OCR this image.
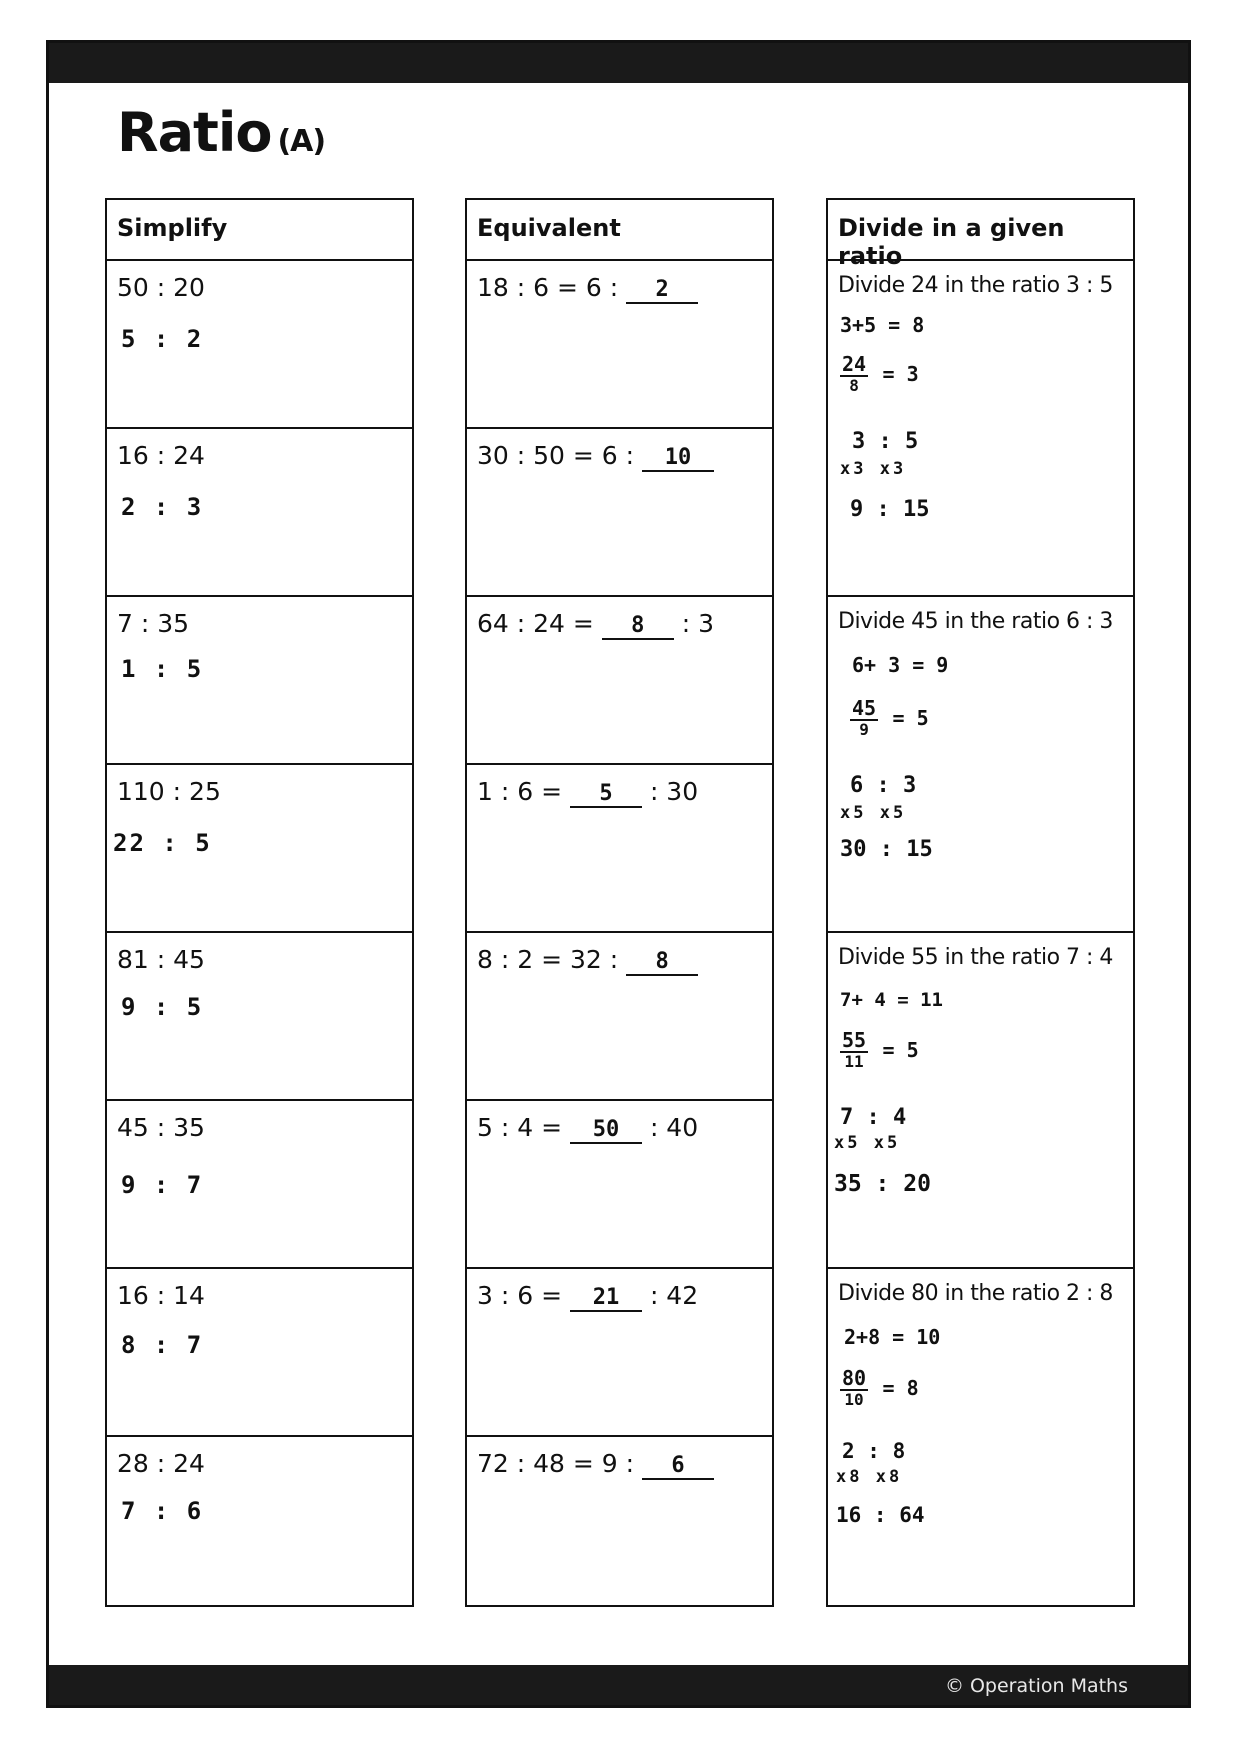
Ratio (A)
Simplify
50 : 20
5 : 2
16 : 24
2 : 3
7 : 35
1 : 5
110 : 25
22 : 5
81 : 45
9 : 5
45 : 35
9 : 7
16 : 14
8 : 7
28 : 24
7 : 6
Equivalent
18 : 6 = 6 : 2
30 : 50 = 6 : 10
64 : 24 = 8 : 3
1 : 6 = 5 : 30
8 : 2 = 32 : 8
5 : 4 = 50 : 40
3 : 6 = 21 : 42
72 : 48 = 9 : 6
Divide in a given ratio
Divide 24 in the ratio 3 : 5
3+5 = 8
$\frac{24}{8} = 3$
3 : 5
x3 x3
9 : 15
Divide 45 in the ratio 6 : 3
6+ 3 = 9
$\frac{45}{9} = 5$
6 : 3
x5 x5
30 : 15
Divide 55 in the ratio 7 : 4
7+ 4 = 11
$\frac{55}{11} = 5$
7 : 4
x5 x5
35 : 20
Divide 80 in the ratio 2 : 8
2+8 = 10
$\frac{80}{10} = 8$
2 : 8
x8 x8
16 : 64
© Operation Maths
